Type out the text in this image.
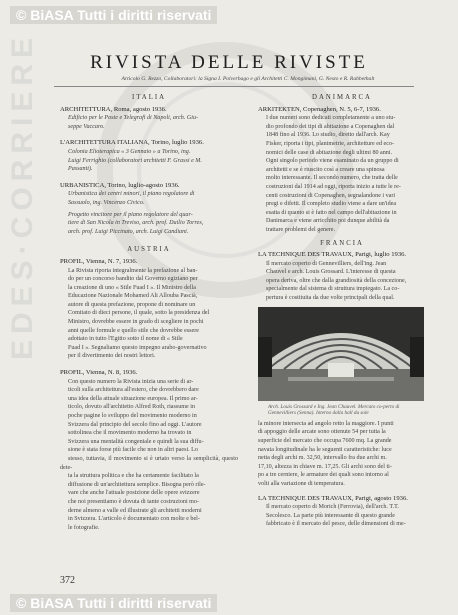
EDES·CORRIERE
© BiASA Tutti i diritti riservati
RIVISTA DELLE RIVISTE
Articolo G. Rezzo, Collaboratori: la Signa I. Polverbago e gli Architetti C. Mongimani, G. Nesto e R. Rabbethalt
ITALIA
ARCHITETTURA, Roma, agosto 1936.
Edificio per le Poste e Telegrafi di Napoli, arch. Giu-
seppe Vaccaro.
L'ARCHITETTURA ITALIANA, Torino, luglio 1936.
Colonia Elioterapica « 3 Gennaio » a Torino, ing.
Luigi Ferrighio (collaboratori architetti F. Grassi e M.
Passanti).
URBANISTICA, Torino, luglio-agosto 1936.
Urbanistica dei centri minori, il piano regolatore di
Sassuolo, ing. Vincenzo Civico.
Progetto vincitore per il piano regolatore del quar-
tiere di San Nicola in Treviso, arch. prof. Duilio Torres,
arch. prof. Luigi Piccinato, arch. Luigi Candiani.
AUSTRIA
PROFIL, Vienna, N. 7, 1936.
La Rivista riporta integralmente la prefazione al ban-
do per un concorso bandito dal Governo egiziano per
la creazione di uno « Stile Fuad I ». Il Ministro della
Educazione Nazionale Mohamed Ali Allouba Pascià,
autore di questa prefazione, propone di nominare un
Comitato di dieci persone, il quale, sotto la presidenza del
Ministro, dovrebbe essere in grado di scegliere in pochi
anni quelle formule e quello stile che dovrebbe essere
adottato in tutto l'Egitto sotto il nome di « Stile
Fuad I ». Segnaliamo questo impegno arabo-governativo
per il divertimento dei nostri lettori.
PROFIL, Vienna, N. 8, 1936.
Con questo numero la Rivista inizia una serie di ar-
ticoli sulla architettura all'estero, che dovrebbero dare
una idea della attuale situazione europea. Il primo ar-
ticolo, dovuto all'architetto Alfred Roth, riassume in
poche pagine lo sviluppo del movimento moderno in
Svizzera dal principio del secolo fino ad oggi. L'autore
sottolinea che il movimento moderno ha trovato in
Svizzera una mentalità congeniale e quindi la sua diffu-
sione è stata forse più facile che non in altri paesi. Lo
stesso, tuttavia, il movimento si è urtato verso la semplicità, questo dete-
ta la struttura politica e che ha certamente facilitato la
diffusione di un'architettura semplice. Bisogna però rile-
vare che anche l'attuale posizione delle opere svizzere
che noi presentiamo è dovuta di tante costruzioni mo-
derne almeno a valle ed illustrate gli architetti moderni
in Svizzera. L'articolo è documentato con molte e bel-
le fotografie.
DANIMARCA
ARKITEKTEN, Copenaghen, N. 5, 6-7, 1936.
I due numeri sono dedicati completamente a uno stu-
dio profondo dei tipi di abitazione a Copenaghen dal
1848 fino al 1936. Lo studio, diretto dall'arch. Kay
Fisker, riporta i tipi, planimetrie, architetture ed eco-
nomici delle case di abitazione degli ultimi 80 anni.
Ogni singolo periodo viene esaminato da un gruppo di
architetti e se è riuscito così a creare una spinosa
molto interessante. Il secondo numero, che tratta delle
costruzioni dal 1914 ad oggi, riporta inizio a tutte le re-
centi costruzioni di Copenaghen, segnalandone i vari
pregi e difetti. Il completo studio viene a dare un'idea
esatta di quanto si è fatto nel campo dell'abitazione in
Danimarca e viene arricchito poi dunque abilità da
trattare problemi del genere.
FRANCIA
LA TECHNIQUE DES TRAVAUX, Parigi, luglio 1936.
Il mercato coperto di Gennevilliers, dell'ing. Jean
Chauvel e arch. Louis Grossard. L'interesse di questa
opera deriva, oltre che dalla grandiosità della concezione,
specialmente dal sistema di struttura impiegato. La co-
pertura è costituita da due volte principali della qual.
Arch. Louis Grossard e Ing. Jean Chauvel. Mercato co-perto di Gennevilliers (Senna). Interno dalla hall du sole
la minore intersecta ad angolo retto la maggiore. I punti
di appoggio delle arcate sono ottenute 54 per tutta la
superficie del mercato che occupa 7600 mq. La grande
navata longitudinale ha le seguenti caratteristiche: luce
netta degli archi m. 32,50, intervallo fra due archi m.
17,10, altezza in chiave m. 17,25. Gli archi sono del ti-
po a tre cerniere, le armature dei quali sono intorno al
volti alla variazione di temperatura.
LA TECHNIQUE DES TRAVAUX, Parigi, agosto 1936.
Il mercato coperto di Morich (Ferrovia), dell'arch. T.T.
Secolesco. La parte più interessante di questo grande
fabbricato è il mercato del pesce, delle dimensioni di me-
372
© BiASA Tutti i diritti riservati
